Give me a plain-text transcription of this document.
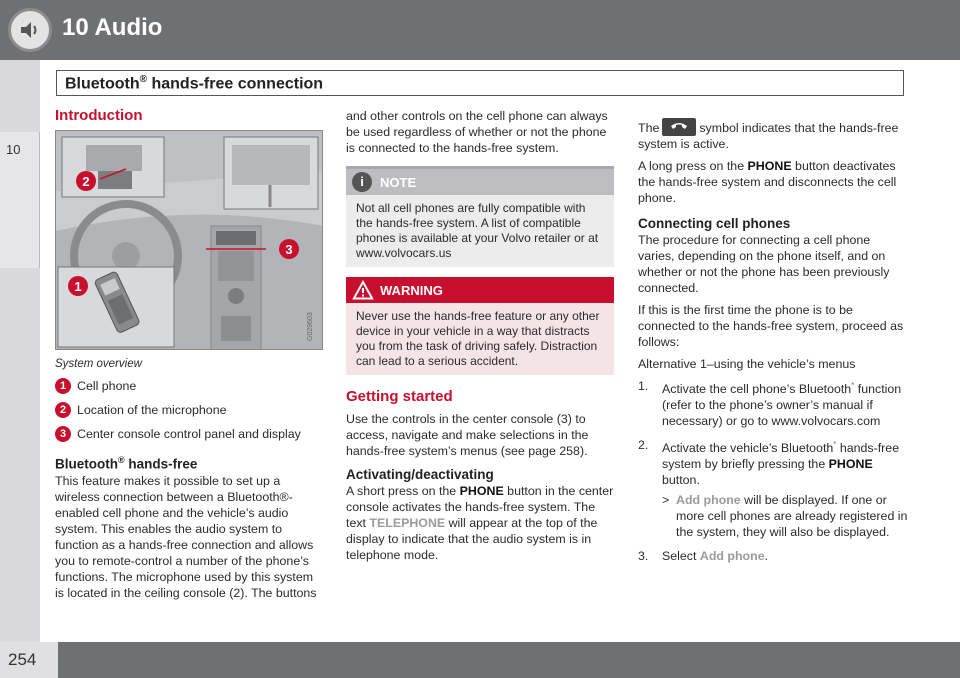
10 Audio
Bluetooth® hands-free connection
10
254
Introduction
1
2
3
G029603
System overview
1 Cell phone
2 Location of the microphone
3 Center console control panel and display
Bluetooth® hands-free

This feature makes it possible to set up a wireless connection between a Bluetooth®-enabled cell phone and the vehicle’s audio system. This enables the audio system to function as a hands-free connection and allows you to remote-control a number of the phone’s functions. The microphone used by this system is located in the ceiling console (2). The buttons

and other controls on the cell phone can always be used regardless of whether or not the phone is connected to the hands-free system.

i	NOTE
Not all cell phones are fully compatible with the hands-free system. A list of compatible phones is available at your Volvo retailer or at www.volvocars.us
WARNING
Never use the hands-free feature or any other device in your vehicle in a way that distracts you from the task of driving safely. Distraction can lead to a serious accident.
Getting started

Use the controls in the center console (3) to access, navigate and make selections in the hands-free system’s menus (see page 258).

Activating/deactivating

A short press on the PHONE button in the center console activates the hands-free system. The text TELEPHONE will appear at the top of the display to indicate that the audio system is in telephone mode.

The	symbol indicates that the hands-free system is active.

A long press on the PHONE button deactivates the hands-free system and disconnects the cell phone.

Connecting cell phones

The procedure for connecting a cell phone varies, depending on the phone itself, and on whether or not the phone has been previously connected.

If this is the first time the phone is to be connected to the hands-free system, proceed as follows:

Alternative 1–using the vehicle’s menus

1. Activate the cell phone’s Bluetooth* function (refer to the phone’s owner’s manual if necessary) or go to www.volvocars.com
2. Activate the vehicle’s Bluetooth* hands-free system by briefly pressing the PHONE button.
> Add phone will be displayed. If one or more cell phones are already registered in the system, they will also be displayed.
3. Select Add phone.
